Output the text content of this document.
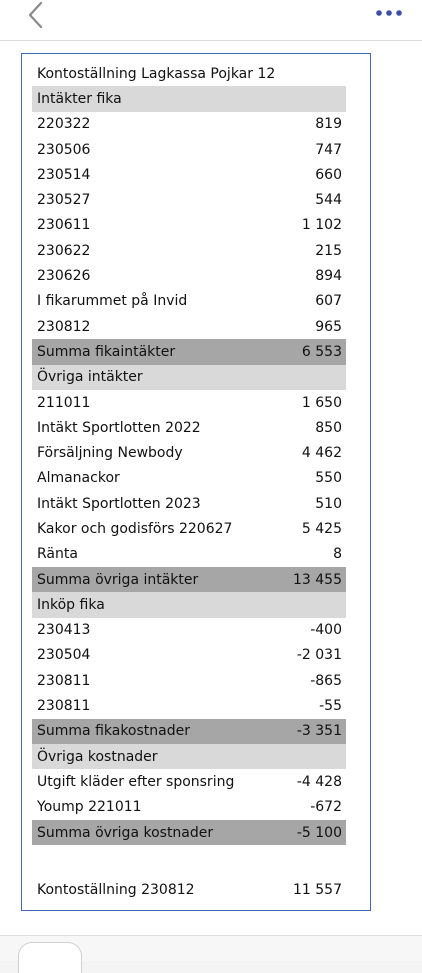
Kontoställning Lagkassa Pojkar 12
Intäkter fika
220322	819
230506	747
230514	660
230527	544
230611	1 102
230622	215
230626	894
I fikarummet på Invid	607
230812	965
Summa fikaintäkter	6 553
Övriga intäkter
211011	1 650
Intäkt Sportlotten 2022	850
Försäljning Newbody	4 462
Almanackor	550
Intäkt Sportlotten 2023	510
Kakor och godisförs 220627	5 425
Ränta	8
Summa övriga intäkter	13 455
Inköp fika
230413	-400
230504	-2 031
230811	-865
230811	-55
Summa fikakostnader	-3 351
Övriga kostnader
Utgift kläder efter sponsring	-4 428
Yoump 221011	-672
Summa övriga kostnader	-5 100
Kontoställning 230812	11 557
